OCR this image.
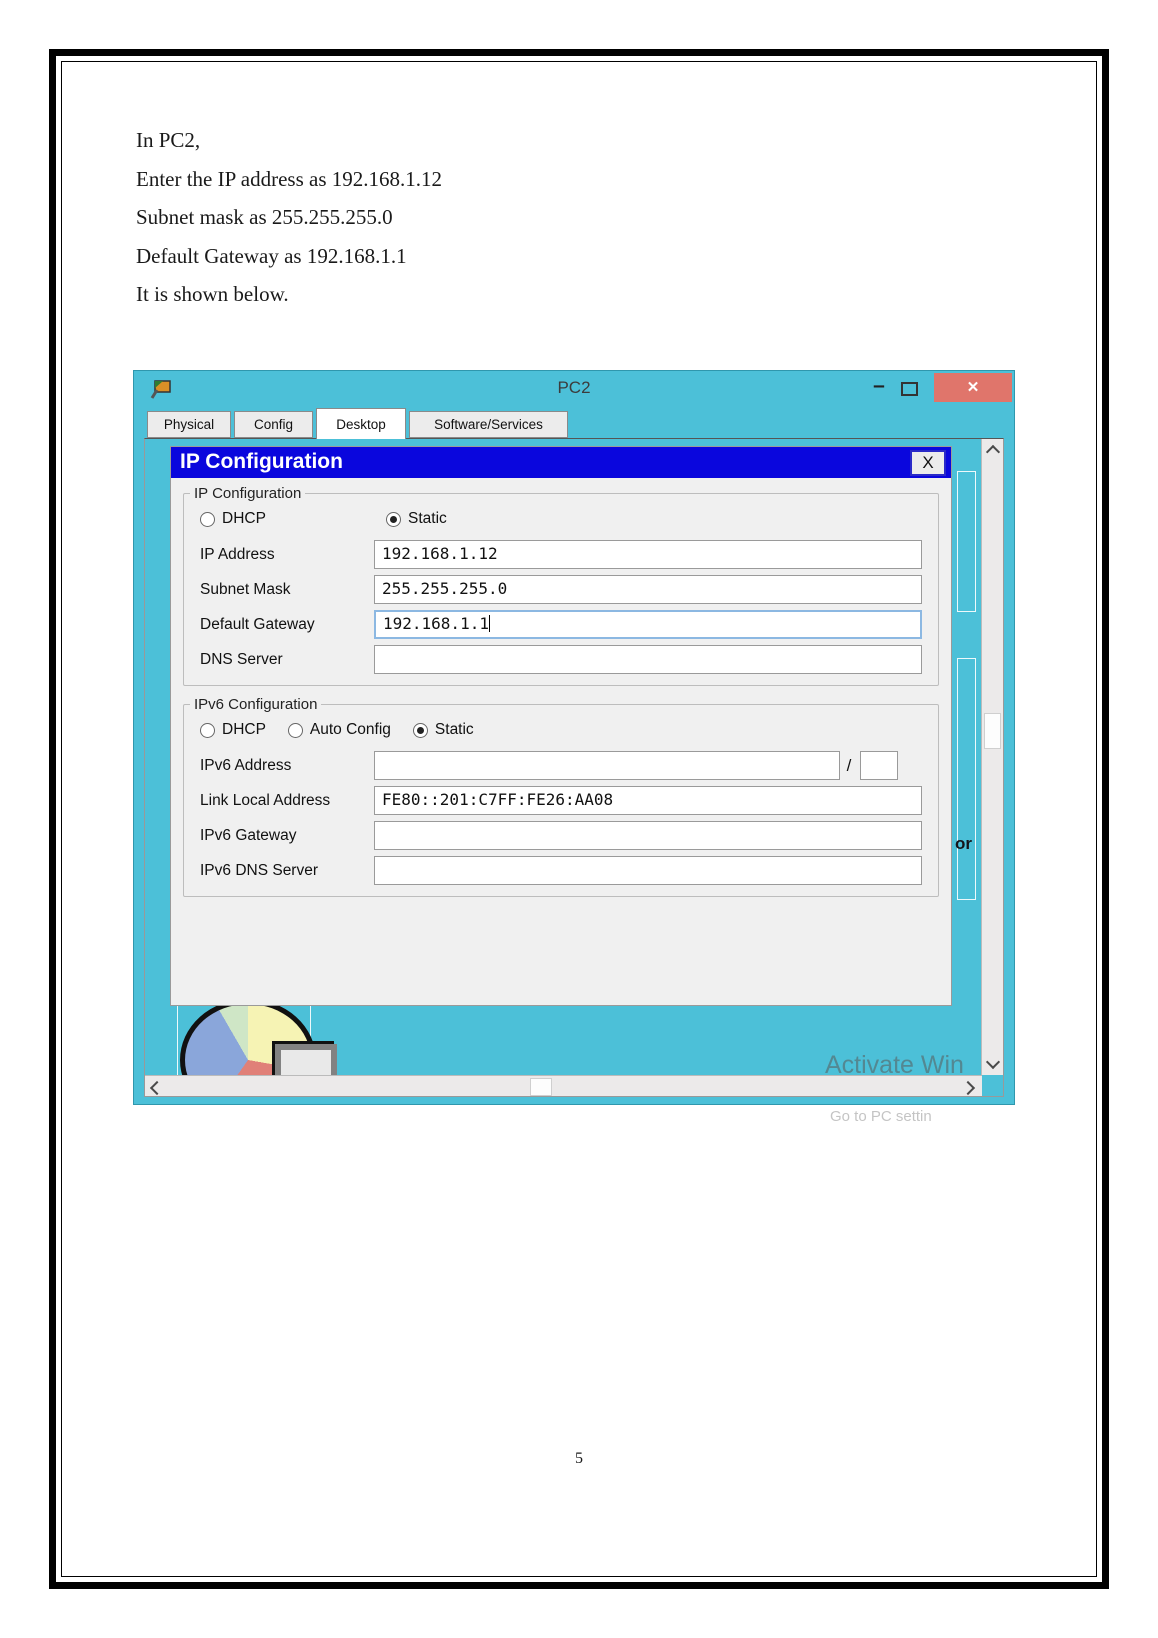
In PC2,

Enter the IP address as 192.168.1.12

Subnet mask as 255.255.255.0

Default Gateway as 192.168.1.1

It is shown below.

PC2	–	✕
Physical	Config	Desktop	Software/Services
or
IP Configuration	X
IP Configuration
DHCP	Static
IP Address	192.168.1.12
Subnet Mask	255.255.255.0
Default Gateway	192.168.1.1
DNS Server
IPv6 Configuration
DHCP	Auto Config	Static
IPv6 Address	/
Link Local Address	FE80::201:C7FF:FE26:AA08
IPv6 Gateway
IPv6 DNS Server
Activate Win
Go to PC settin
5
